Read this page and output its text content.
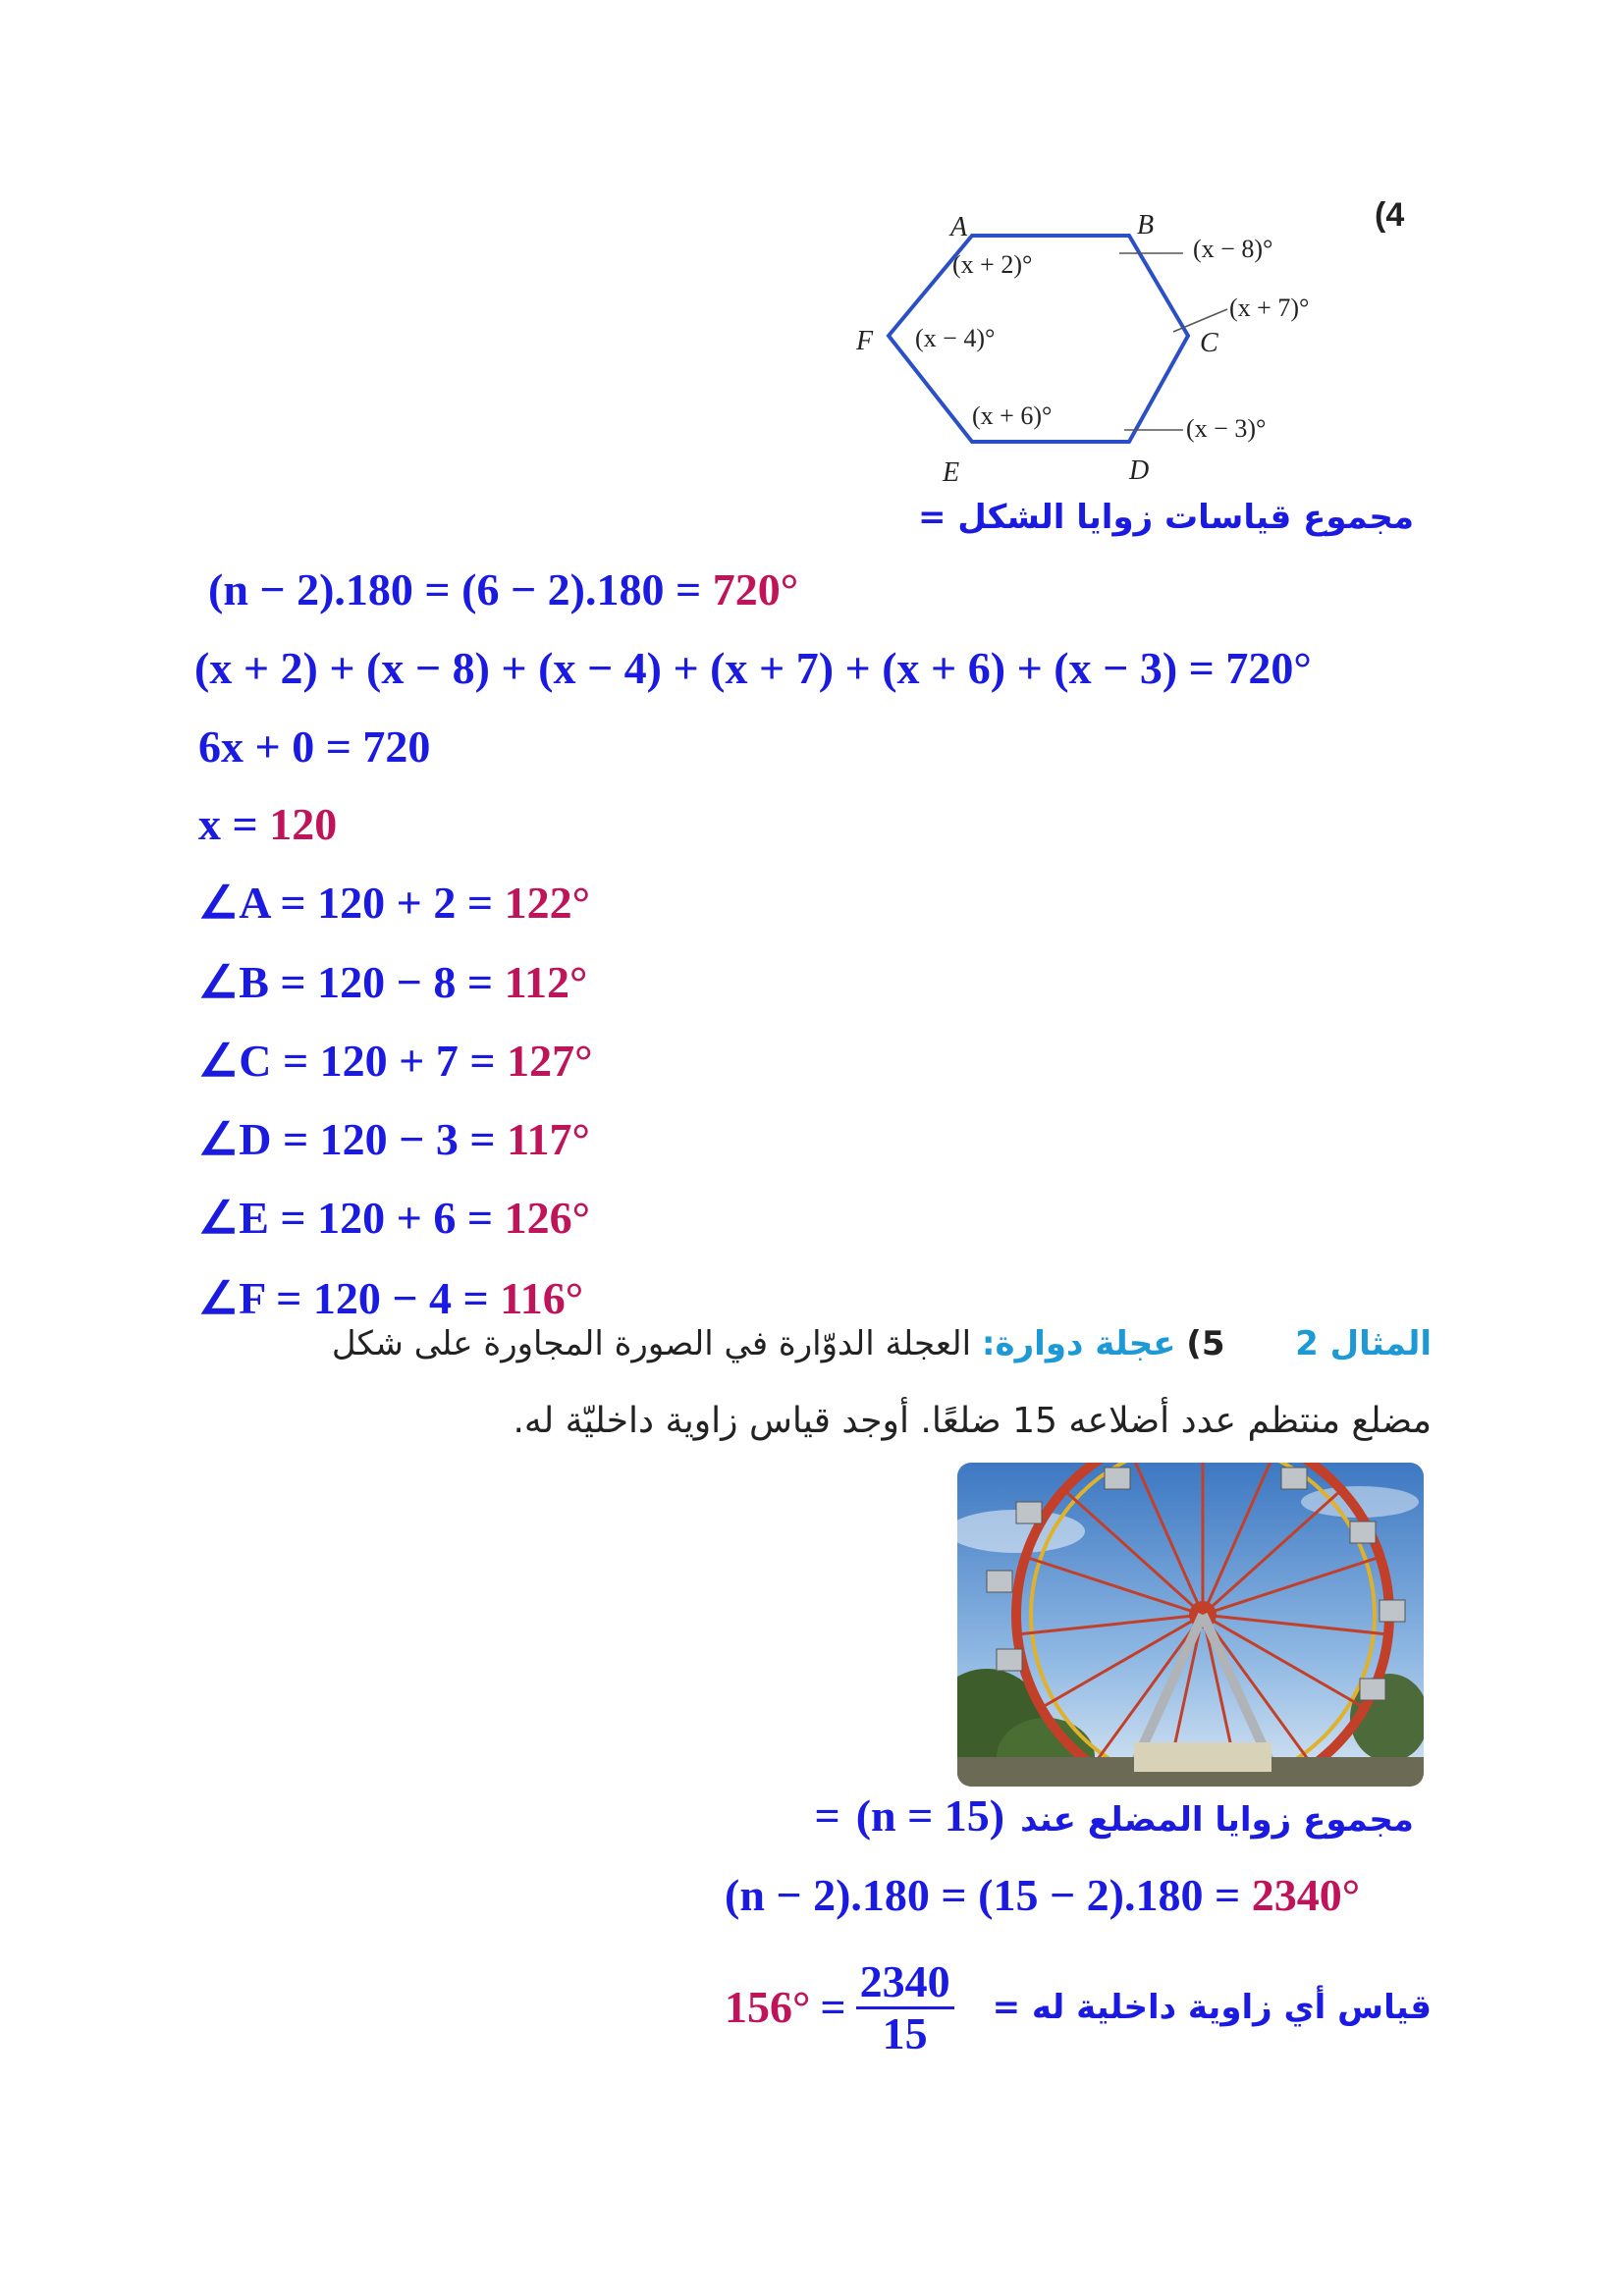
(4
A	B
C
D
E
F
(x + 2)°
(x − 8)°
(x + 7)°
(x − 4)°
(x + 6)°	(x − 3)°
مجموع قياسات زوايا الشكل =
(n − 2).180 = (6 − 2).180 = 720°
(x + 2) + (x − 8) + (x − 4) + (x + 7) + (x + 6) + (x − 3) = 720°
6x + 0 = 720
x = 120
∠A = 120 + 2 = 122°
∠B = 120 − 8 = 112°
∠C = 120 + 7 = 127°
∠D = 120 − 3 = 117°
∠E = 120 + 6 = 126°
∠F = 120 − 4 = 116°
المثال 2  5) عجلة دوارة: العجلة الدوّارة في الصورة المجاورة على شكل
مضلع منتظم عدد أضلاعه 15 ضلعًا. أوجد قياس زاوية داخليّة له.
مجموع زوايا المضلع عند (n = 15) =
(n − 2).180 = (15 − 2).180 = 2340°
$156^\circ = \frac{2340}{15}$ قياس أي زاوية داخلية له =
